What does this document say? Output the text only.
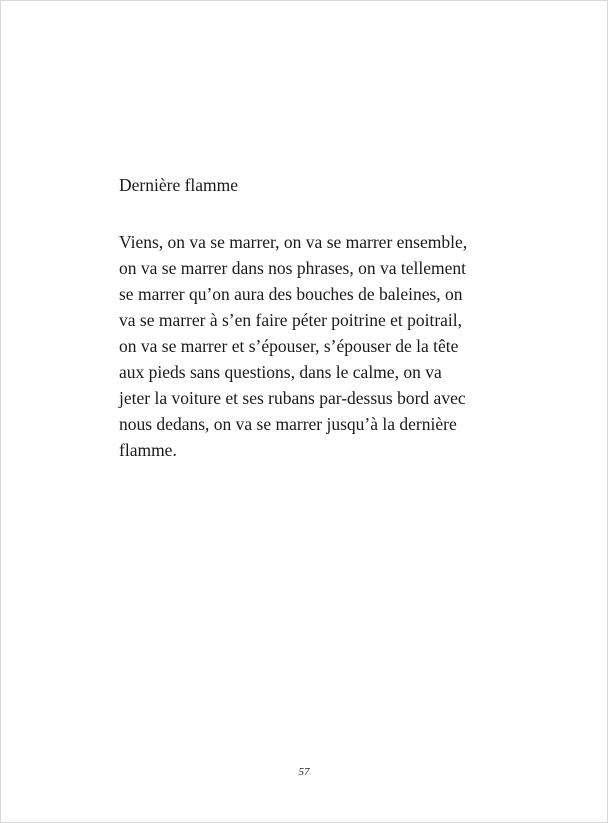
Dernière flamme

Viens, on va se marrer, on va se marrer ensemble,
on va se marrer dans nos phrases, on va tellement
se marrer qu’on aura des bouches de baleines, on
va se marrer à s’en faire péter poitrine et poitrail,
on va se marrer et s’épouser, s’épouser de la tête
aux pieds sans questions, dans le calme, on va
jeter la voiture et ses rubans par-dessus bord avec
nous dedans, on va se marrer jusqu’à la dernière
flamme.

57
